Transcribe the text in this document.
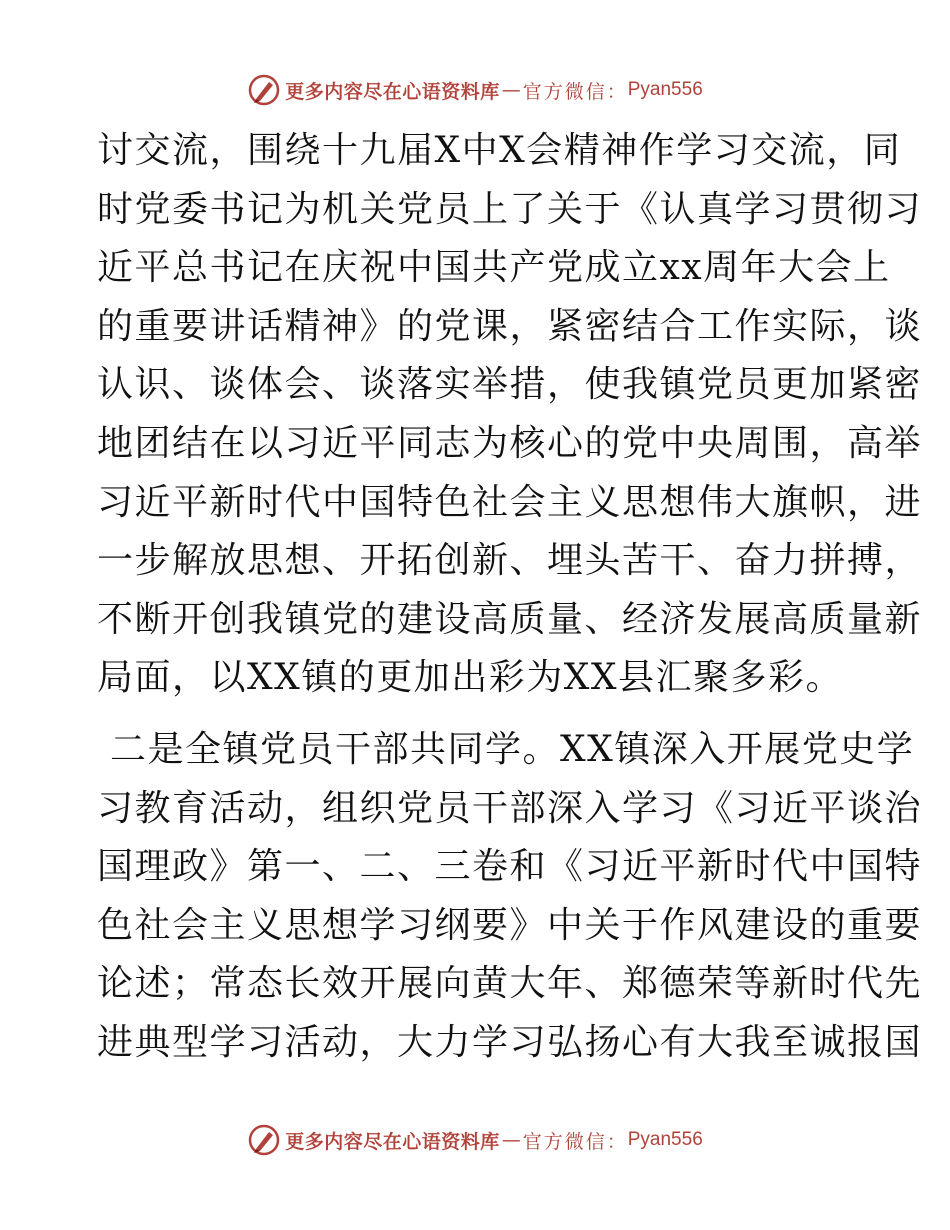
更多内容尽在心语资料库 — 官方微信： Pyan556

讨交流，围绕十九届X中X会精神作学习交流，同
时党委书记为机关党员上了关于《认真学习贯彻习
近平总书记在庆祝中国共产党成立xx周年大会上
的重要讲话精神》的党课，紧密结合工作实际，谈
认识、谈体会、谈落实举措，使我镇党员更加紧密
地团结在以习近平同志为核心的党中央周围，高举
习近平新时代中国特色社会主义思想伟大旗帜，进
一步解放思想、开拓创新、埋头苦干、奋力拼搏，
不断开创我镇党的建设高质量、经济发展高质量新
局面，以XX镇的更加出彩为XX县汇聚多彩。

二是全镇党员干部共同学。XX镇深入开展党史学
习教育活动，组织党员干部深入学习《习近平谈治
国理政》第一、二、三卷和《习近平新时代中国特
色社会主义思想学习纲要》中关于作风建设的重要
论述；常态长效开展向黄大年、郑德荣等新时代先
进典型学习活动，大力学习弘扬心有大我至诚报国

更多内容尽在心语资料库 — 官方微信： Pyan556
